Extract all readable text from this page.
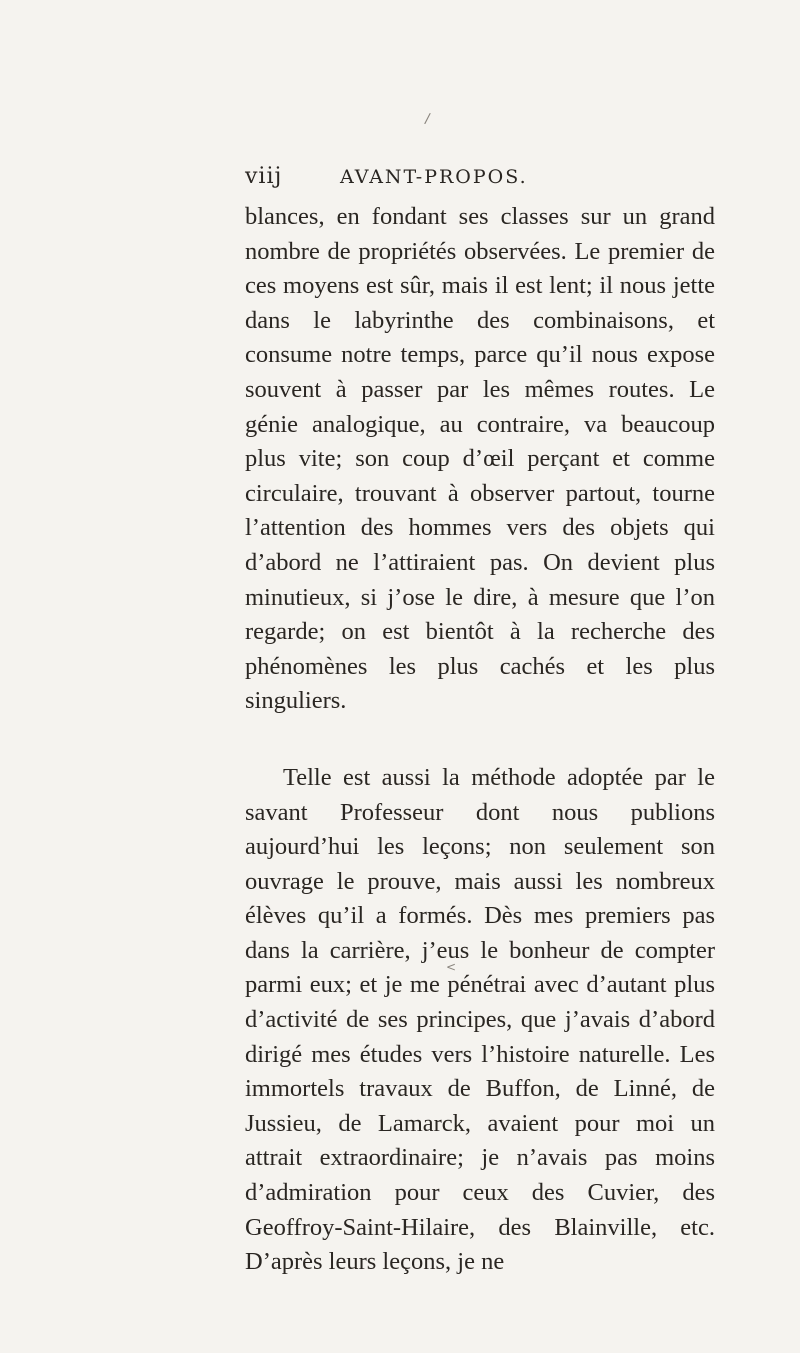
/
viij	AVANT-PROPOS.

blances, en fondant ses classes sur un grand nombre de propriétés observées. Le premier de ces moyens est sûr, mais il est lent; il nous jette dans le labyrinthe des combinaisons, et consume notre temps, parce qu’il nous expose souvent à passer par les mêmes routes. Le génie analogique, au contraire, va beaucoup plus vite; son coup d’œil perçant et comme circulaire, trouvant à observer partout, tourne l’attention des hommes vers des objets qui d’abord ne l’attiraient pas. On devient plus minutieux, si j’ose le dire, à mesure que l’on regarde; on est bientôt à la recherche des phénomènes les plus cachés et les plus singuliers.

Telle est aussi la méthode adoptée par le savant Professeur dont nous publions aujourd’hui les leçons; non seulement son ouvrage le prouve, mais aussi les nombreux élèves qu’il a formés. Dès mes premiers pas dans la carrière, j’eus le bonheur de compter parmi eux; et je me pénétrai avec d’autant plus d’activité de ses principes, que j’avais d’abord dirigé mes études vers l’histoire naturelle. Les immortels travaux de Buffon, de Linné, de Jussieu, de Lamarck, avaient pour moi un attrait extraordinaire; je n’avais pas moins d’admiration pour ceux des Cuvier, des Geoffroy-Saint-Hilaire, des Blainville, etc. D’après leurs leçons, je ne

<
